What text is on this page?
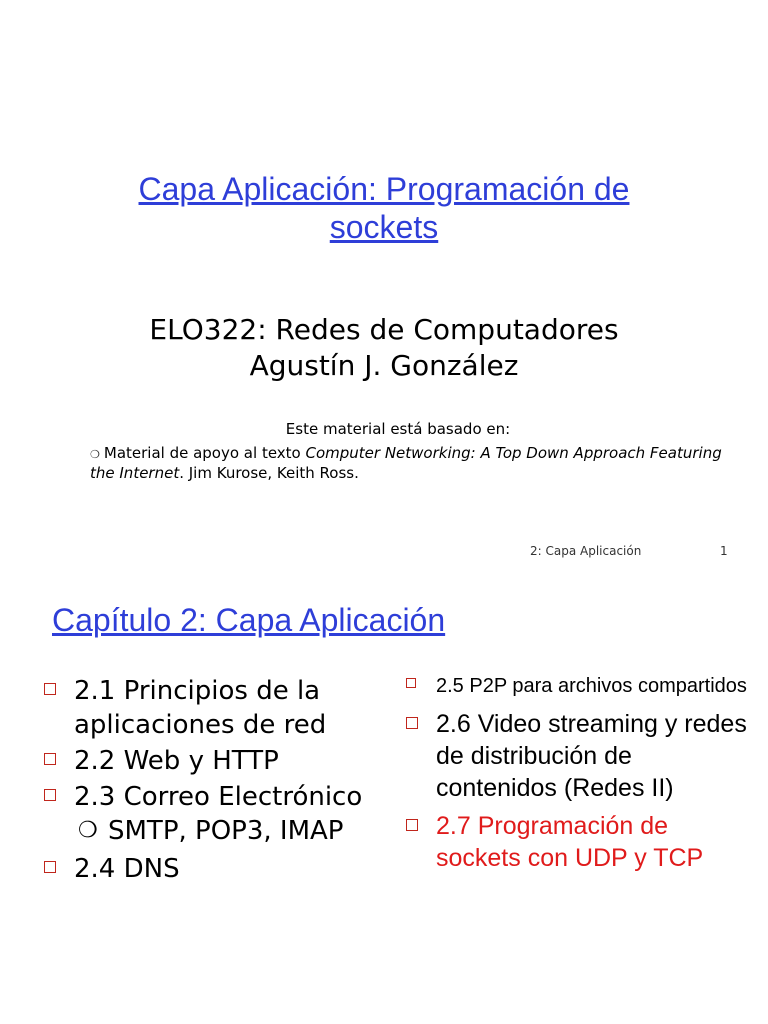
Capa Aplicación: Programación de
sockets
ELO322: Redes de Computadores
Agustín J. González
Este material está basado en:
❍ Material de apoyo al texto Computer Networking: A Top Down Approach Featuring the Internet. Jim Kurose, Keith Ross.
2: Capa Aplicación	1
Capítulo 2: Capa Aplicación
2.1 Principios de la aplicaciones de red
2.2 Web y HTTP
2.3 Correo Electrónico
❍ SMTP, POP3, IMAP
2.4 DNS
2.5 P2P para archivos compartidos
2.6 Video streaming y redes de distribución de contenidos (Redes II)
2.7 Programación de sockets con UDP y TCP
